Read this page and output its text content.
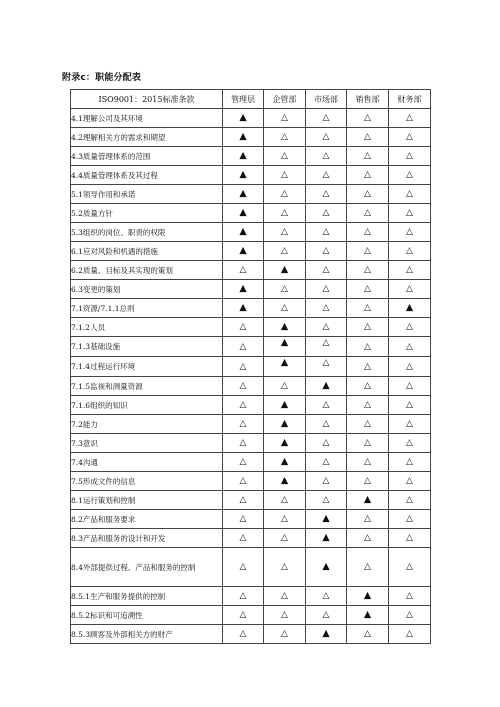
附录c：职能分配表
ISO9001：2015标准条款	管理层	企管部	市场部	销售部	财务部
4.1理解公司及其环境	▲	△	△	△	△
4.2理解相关方的需求和期望	▲	△	△	△	△
4.3质量管理体系的范围	▲	△	△	△	△
4.4质量管理体系及其过程	▲	△	△	△	△
5.1领导作用和承诺	▲	△	△	△	△
5.2质量方针	▲	△	△	△	△
5.3组织的岗位、职责的权限	▲	△	△	△	△
6.1应对风险和机遇的措施	▲	△	△	△	△
6.2质量、目标及其实现的策划	△	▲	△	△	△
6.3变更的策划	▲	△	△	△	△
7.1资源/7.1.1总则	▲	△	△	△	▲
7.1.2人员	△	▲	△	△	△
7.1.3基础设施	△	▲	△	△	△
7.1.4过程运行环境	△	▲	△	△	△
7.1.5监视和测量资源	△	△	▲	△	△
7.1.6组织的知识	△	▲	△	△	△
7.2能力	△	▲	△	△	△
7.3意识	△	▲	△	△	△
7.4沟通	△	▲	△	△	△
7.5形成文件的信息	△	▲	△	△	△
8.1运行策划和控制	△	△	△	▲	△
8.2产品和服务要求	△	△	▲	△	△
8.3产品和服务的设计和开发	△	△	▲	△	△
8.4外部提供过程、产品和服务的控制	△	△	▲	△	△
8.5.1生产和服务提供的控制	△	△	△	▲	△
8.5.2标识和可追溯性	△	△	△	▲	△
8.5.3顾客及外部相关方的财产	△	△	▲	△	△
